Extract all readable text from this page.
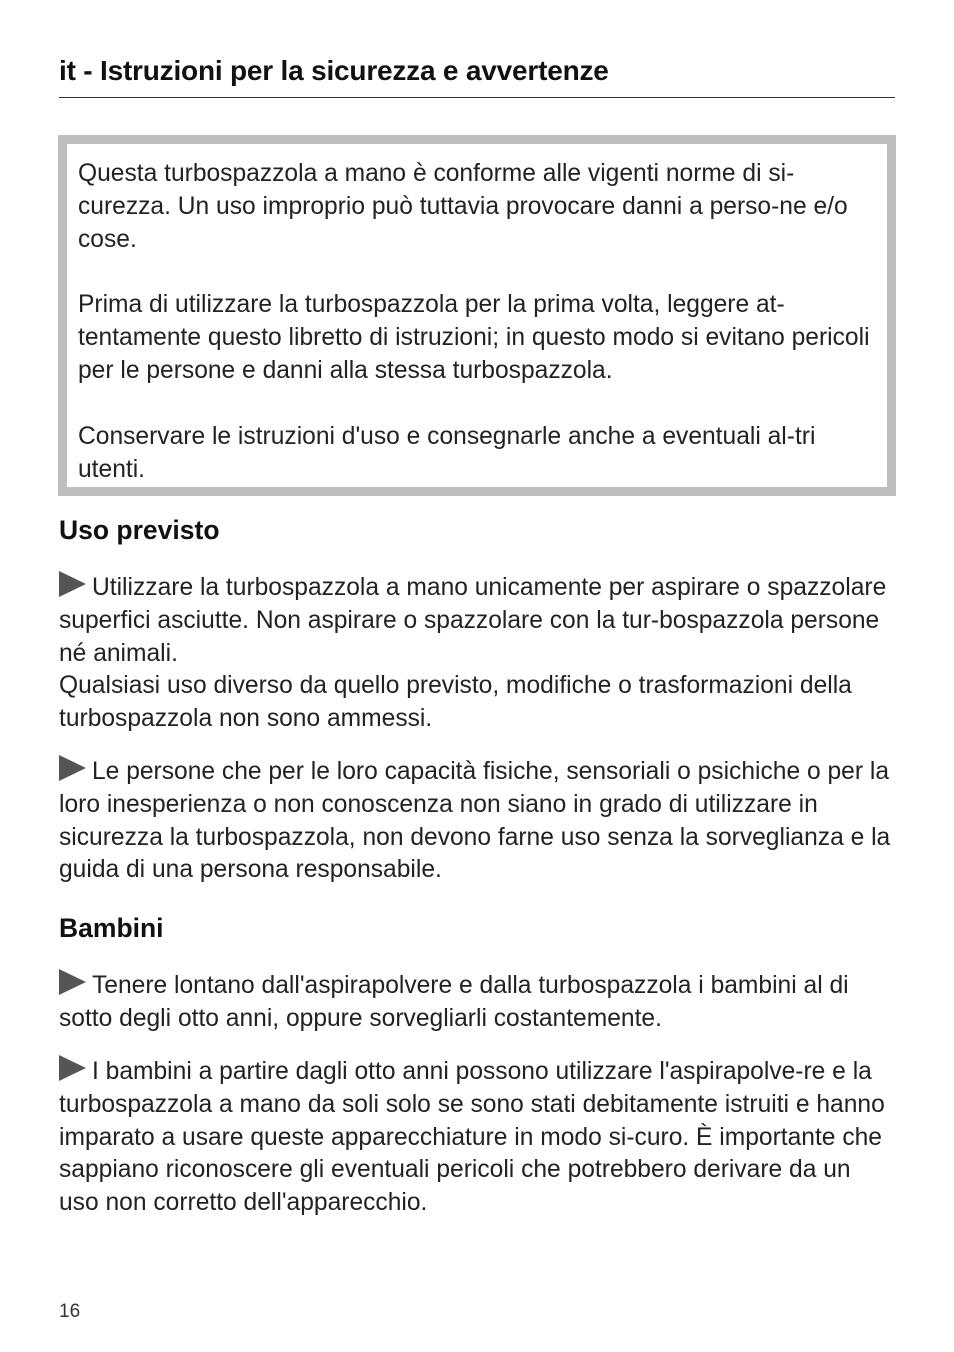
it - Istruzioni per la sicurezza e avvertenze

Questa turbospazzola a mano è conforme alle vigenti norme di si-curezza. Un uso improprio può tuttavia provocare danni a perso-ne e/o cose.

Prima di utilizzare la turbospazzola per la prima volta, leggere at-tentamente questo libretto di istruzioni; in questo modo si evitano pericoli per le persone e danni alla stessa turbospazzola.

Conservare le istruzioni d'uso e consegnarle anche a eventuali al-tri utenti.

Uso previsto

Utilizzare la turbospazzola a mano unicamente per aspirare o spazzolare superfici asciutte. Non aspirare o spazzolare con la tur-bospazzola persone né animali.
Qualsiasi uso diverso da quello previsto, modifiche o trasformazioni della turbospazzola non sono ammessi.

Le persone che per le loro capacità fisiche, sensoriali o psichiche o per la loro inesperienza o non conoscenza non siano in grado di utilizzare in sicurezza la turbospazzola, non devono farne uso senza la sorveglianza e la guida di una persona responsabile.

Bambini

Tenere lontano dall'aspirapolvere e dalla turbospazzola i bambini al di sotto degli otto anni, oppure sorvegliarli costantemente.

I bambini a partire dagli otto anni possono utilizzare l'aspirapolve-re e la turbospazzola a mano da soli solo se sono stati debitamente istruiti e hanno imparato a usare queste apparecchiature in modo si-curo. È importante che sappiano riconoscere gli eventuali pericoli che potrebbero derivare da un uso non corretto dell'apparecchio.

16
